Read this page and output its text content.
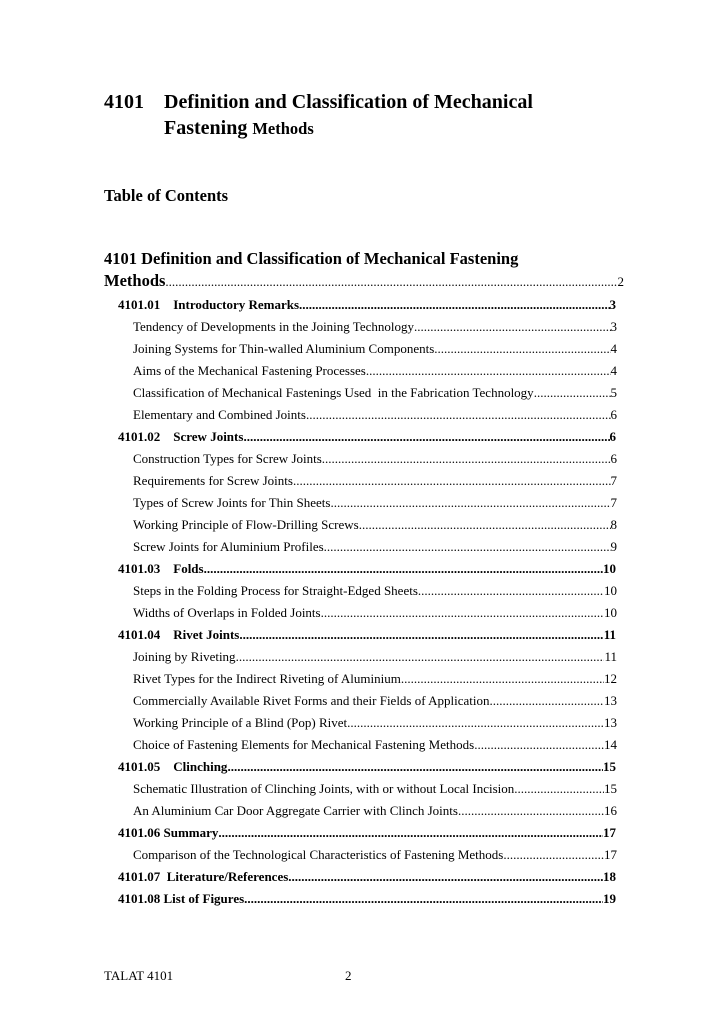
4101 Definition and Classification of Mechanical
Fastening Methods
Table of Contents
4101 Definition and Classification of Mechanical Fastening
Methods .....	2
4101.01    Introductory Remarks .....	3
Tendency of Developments in the Joining Technology .....	3
Joining Systems for Thin-walled Aluminium Components .....	4
Aims of the Mechanical Fastening Processes .....	4
Classification of Mechanical Fastenings Used  in the Fabrication Technology .....	5
Elementary and Combined Joints .....	6
4101.02    Screw Joints .....	6
Construction Types for Screw Joints .....	6
Requirements for Screw Joints .....	7
Types of Screw Joints for Thin Sheets .....	7
Working Principle of Flow-Drilling Screws .....	8
Screw Joints for Aluminium Profiles .....	9
4101.03    Folds .....	10
Steps in the Folding Process for Straight-Edged Sheets .....	10
Widths of Overlaps in Folded Joints .....	10
4101.04    Rivet Joints .....	11
Joining by Riveting .....	11
Rivet Types for the Indirect Riveting of Aluminium .....	12
Commercially Available Rivet Forms and their Fields of Application .....	13
Working Principle of a Blind (Pop) Rivet .....	13
Choice of Fastening Elements for Mechanical Fastening Methods .....	14
4101.05    Clinching .....	15
Schematic Illustration of Clinching Joints, with or without Local Incision .....	15
An Aluminium Car Door Aggregate Carrier with Clinch Joints .....	16
4101.06 Summary .....	17
Comparison of the Technological Characteristics of Fastening Methods .....	17
4101.07  Literature/References .....	18
4101.08 List of Figures .....	19
TALAT 4101	2
